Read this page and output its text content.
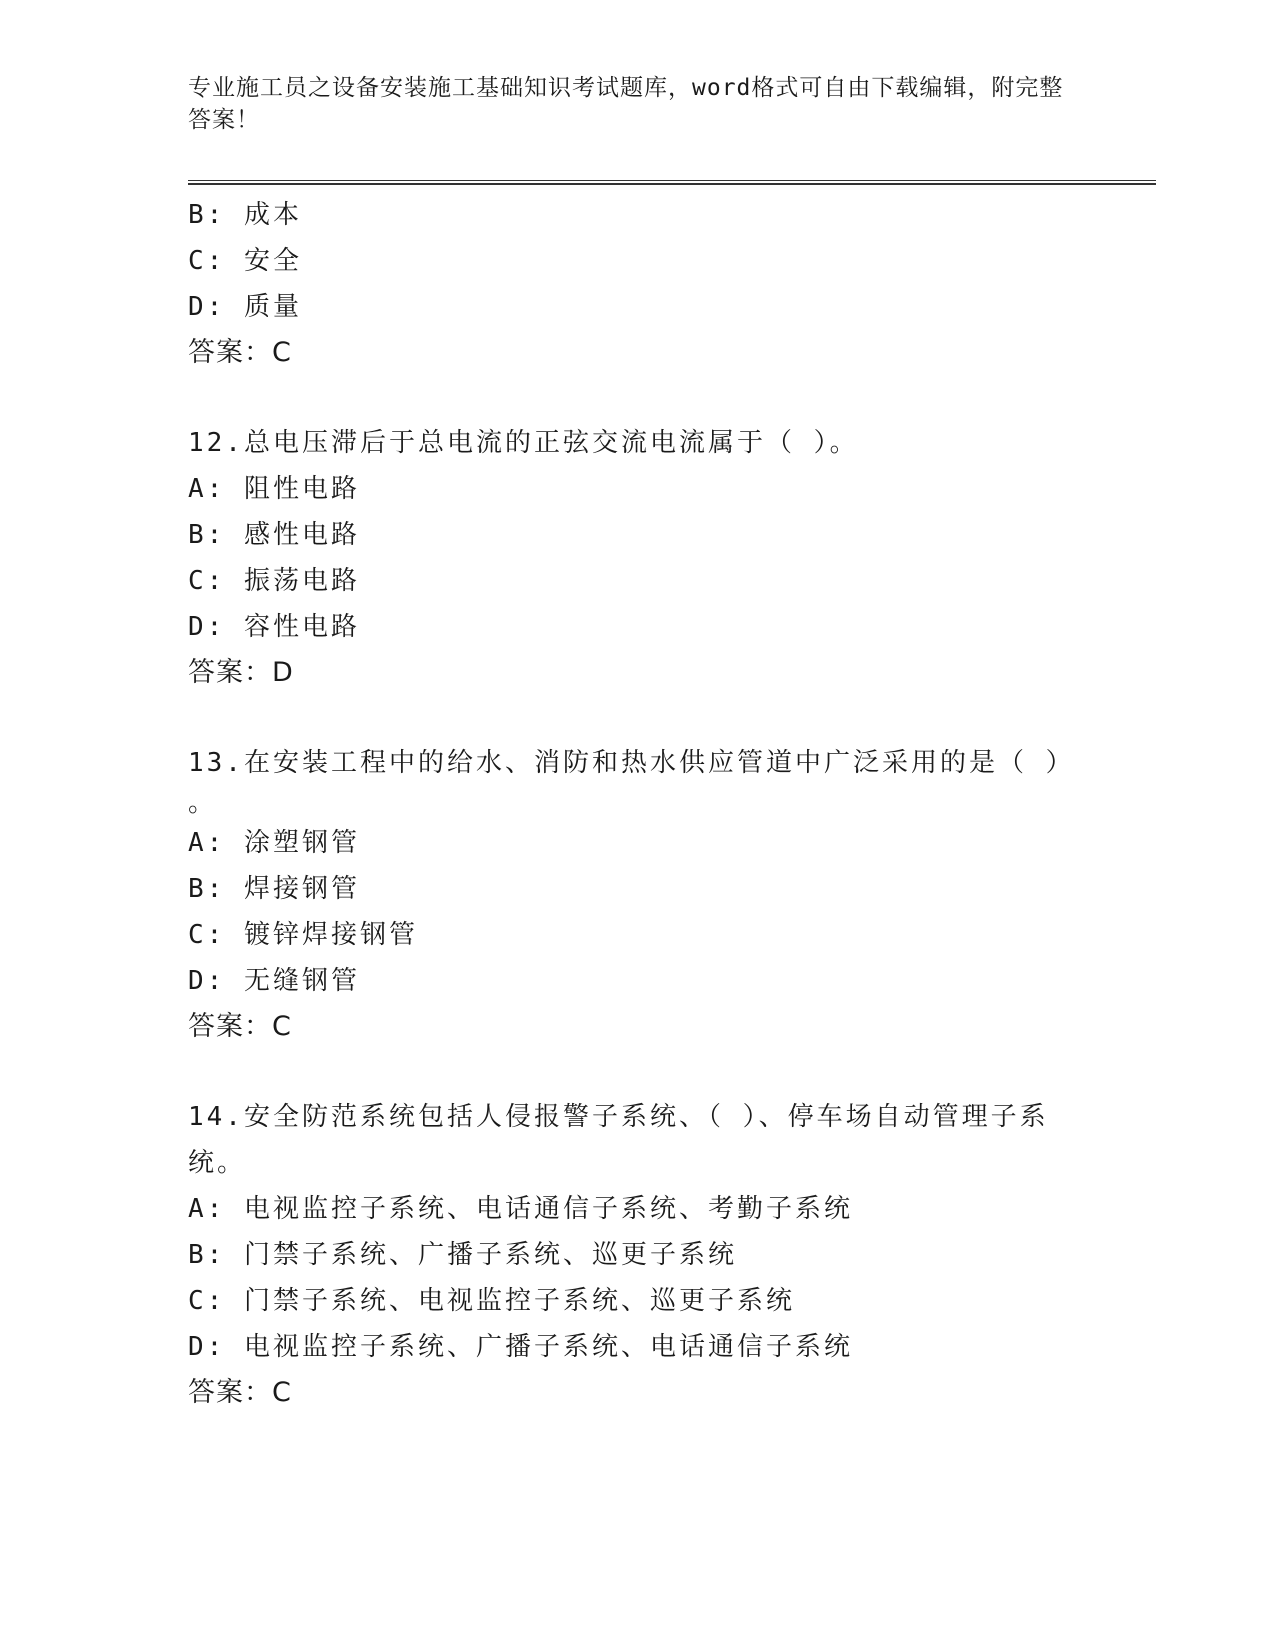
专业施工员之设备安装施工基础知识考试题库，word格式可自由下载编辑，附完整答案！
B: 成本
C: 安全
D: 质量
答案：C
12.总电压滞后于总电流的正弦交流电流属于（ ）。
A: 阻性电路
B: 感性电路
C: 振荡电路
D: 容性电路
答案：D
13.在安装工程中的给水、消防和热水供应管道中广泛采用的是（ ）
。
A: 涂塑钢管
B: 焊接钢管
C: 镀锌焊接钢管
D: 无缝钢管
答案：C
14.安全防范系统包括人侵报警子系统、（ ）、停车场自动管理子系
统。
A: 电视监控子系统、电话通信子系统、考勤子系统
B: 门禁子系统、广播子系统、巡更子系统
C: 门禁子系统、电视监控子系统、巡更子系统
D: 电视监控子系统、广播子系统、电话通信子系统
答案：C
